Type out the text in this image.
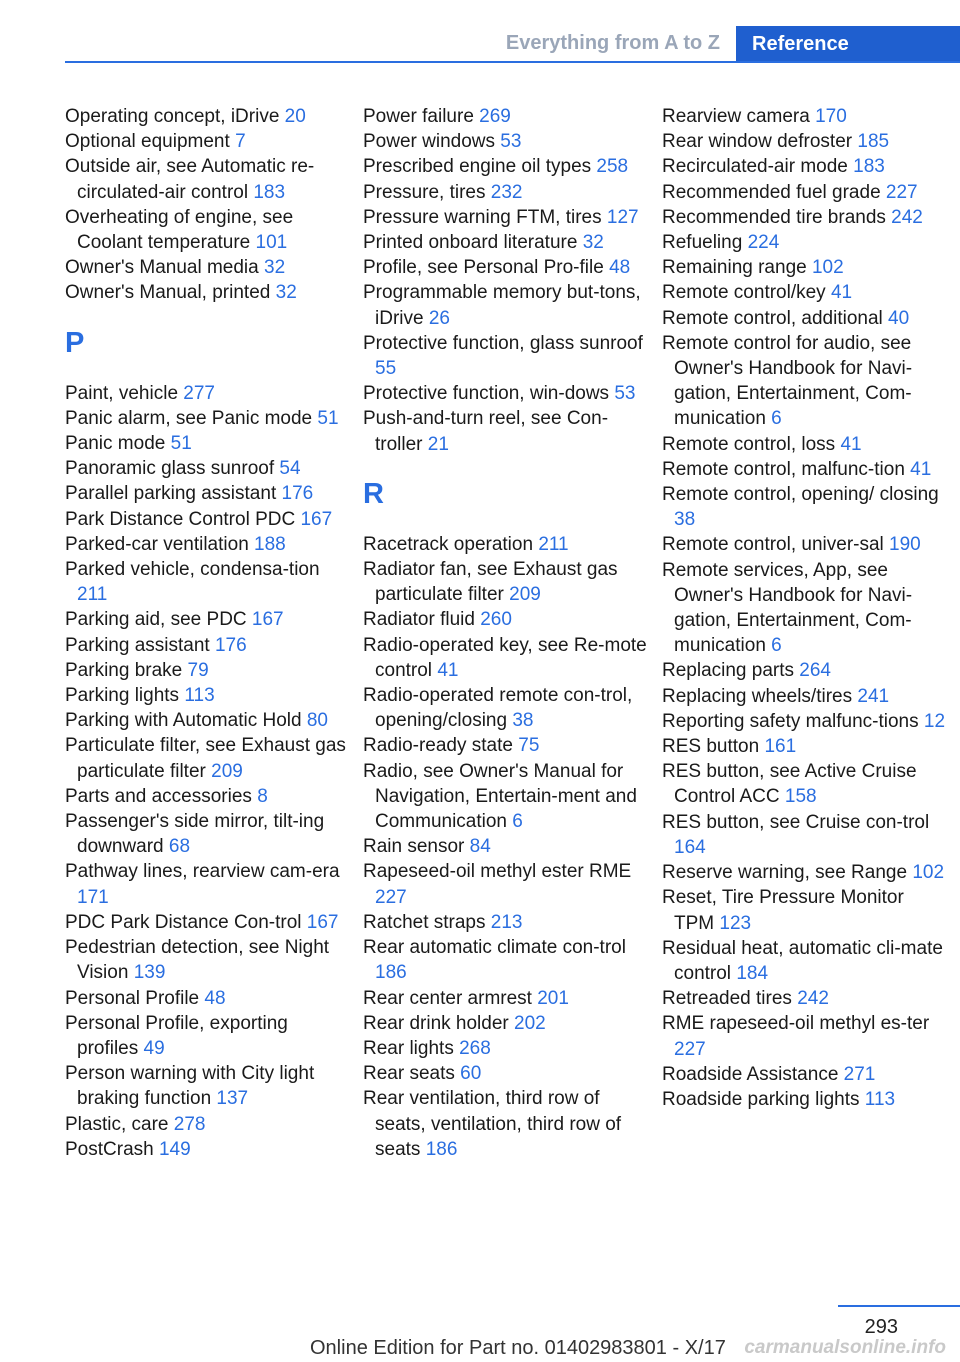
Everything from A to Z	Reference
Operating concept, iDrive 20
Optional equipment 7
Outside air, see Automatic re-circulated-air control 183
Overheating of engine, see Coolant temperature 101
Owner's Manual media 32
Owner's Manual, printed 32
P
Paint, vehicle 277
Panic alarm, see Panic mode 51
Panic mode 51
Panoramic glass sunroof 54
Parallel parking assistant 176
Park Distance Control PDC 167
Parked-car ventilation 188
Parked vehicle, condensa-tion 211
Parking aid, see PDC 167
Parking assistant 176
Parking brake 79
Parking lights 113
Parking with Automatic Hold 80
Particulate filter, see Exhaust gas particulate filter 209
Parts and accessories 8
Passenger's side mirror, tilt-ing downward 68
Pathway lines, rearview cam-era 171
PDC Park Distance Con-trol 167
Pedestrian detection, see Night Vision 139
Personal Profile 48
Personal Profile, exporting profiles 49
Person warning with City light braking function 137
Plastic, care 278
PostCrash 149
Power failure 269
Power windows 53
Prescribed engine oil types 258
Pressure, tires 232
Pressure warning FTM, tires 127
Printed onboard literature 32
Profile, see Personal Pro-file 48
Programmable memory but-tons, iDrive 26
Protective function, glass sunroof 55
Protective function, win-dows 53
Push-and-turn reel, see Con-troller 21
R
Racetrack operation 211
Radiator fan, see Exhaust gas particulate filter 209
Radiator fluid 260
Radio-operated key, see Re-mote control 41
Radio-operated remote con-trol, opening/closing 38
Radio-ready state 75
Radio, see Owner's Manual for Navigation, Entertain-ment and Communication 6
Rain sensor 84
Rapeseed-oil methyl ester RME 227
Ratchet straps 213
Rear automatic climate con-trol 186
Rear center armrest 201
Rear drink holder 202
Rear lights 268
Rear seats 60
Rear ventilation, third row of seats, ventilation, third row of seats 186
Rearview camera 170
Rear window defroster 185
Recirculated-air mode 183
Recommended fuel grade 227
Recommended tire brands 242
Refueling 224
Remaining range 102
Remote control/key 41
Remote control, additional 40
Remote control for audio, see Owner's Handbook for Navi-gation, Entertainment, Com-munication 6
Remote control, loss 41
Remote control, malfunc-tion 41
Remote control, opening/ closing 38
Remote control, univer-sal 190
Remote services, App, see Owner's Handbook for Navi-gation, Entertainment, Com-munication 6
Replacing parts 264
Replacing wheels/tires 241
Reporting safety malfunc-tions 12
RES button 161
RES button, see Active Cruise Control ACC 158
RES button, see Cruise con-trol 164
Reserve warning, see Range 102
Reset, Tire Pressure Monitor TPM 123
Residual heat, automatic cli-mate control 184
Retreaded tires 242
RME rapeseed-oil methyl es-ter 227
Roadside Assistance 271
Roadside parking lights 113
293
Online Edition for Part no. 01402983801 - X/17 carmanualsonline.info
